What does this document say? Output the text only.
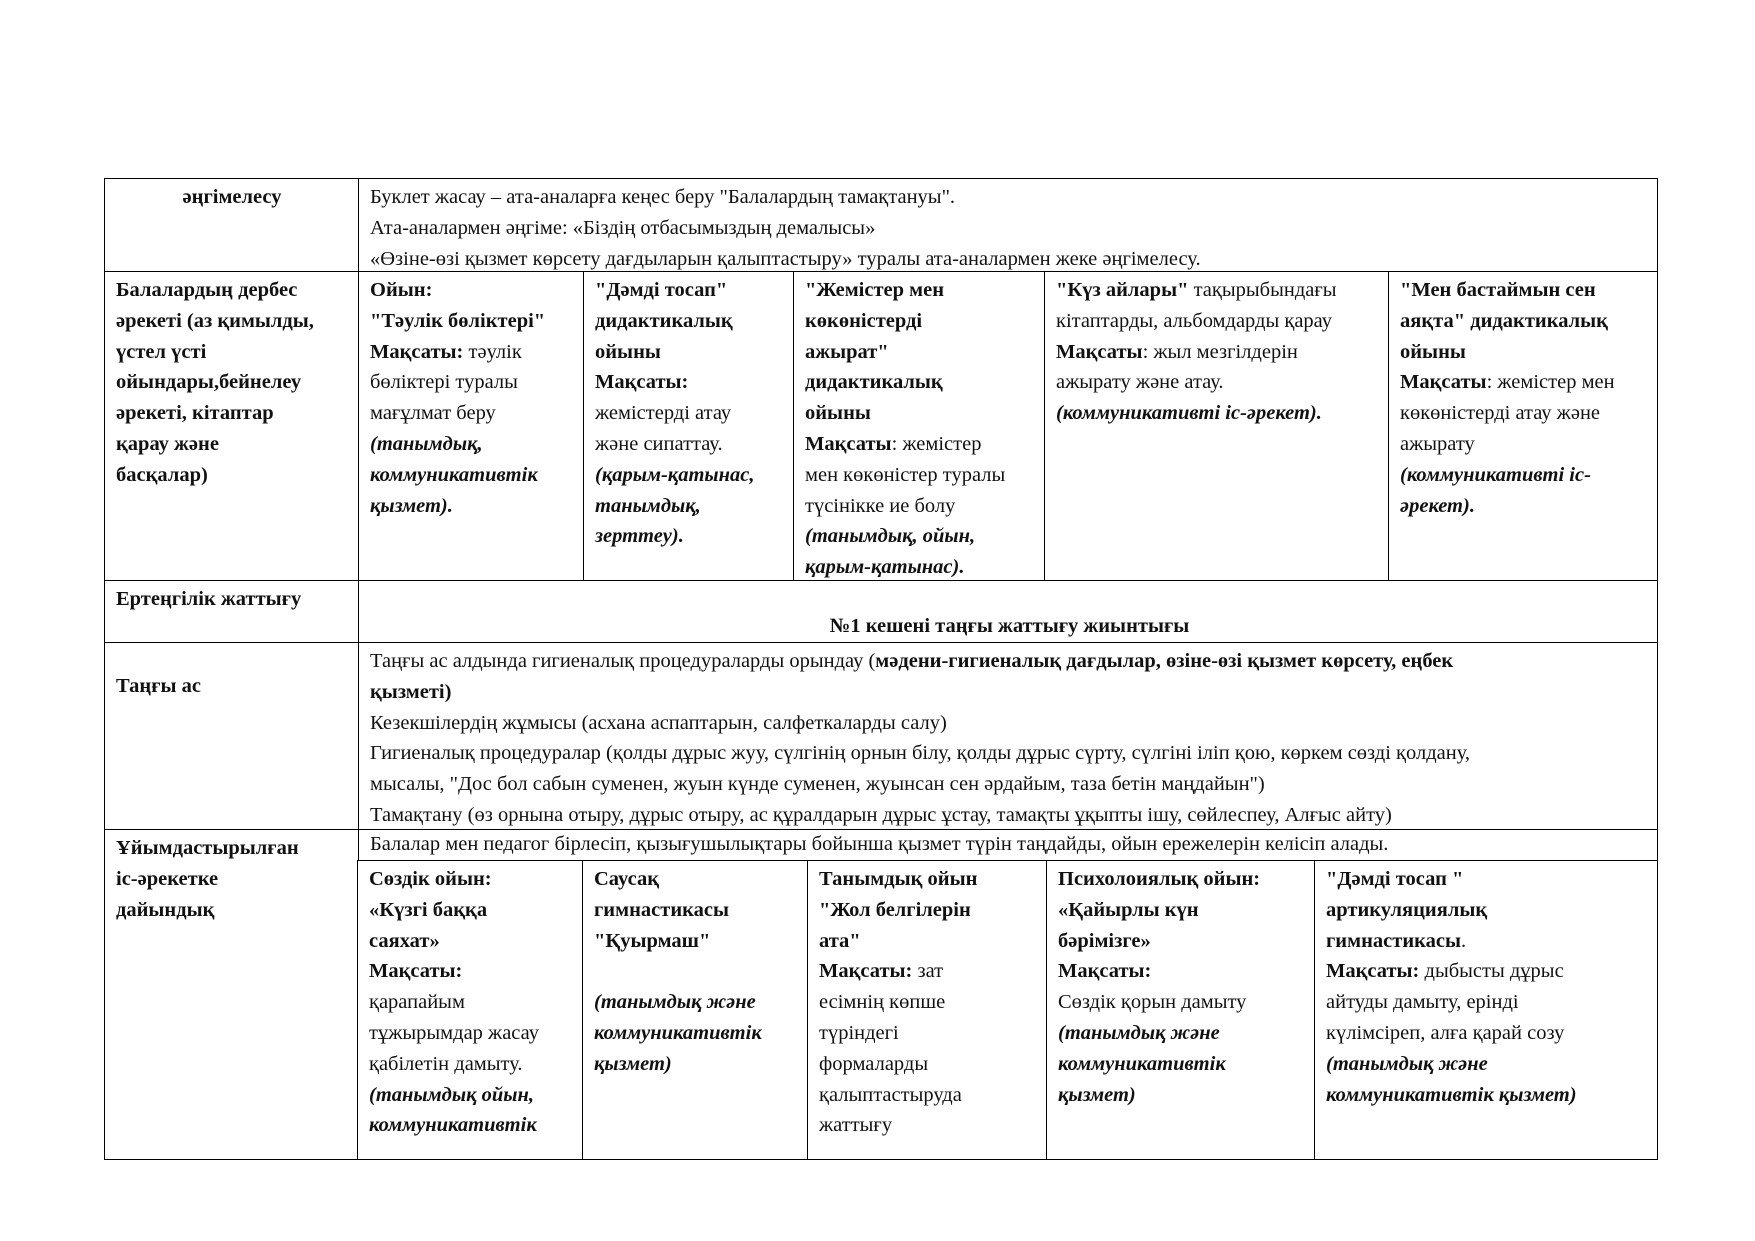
әңгімелесу	Буклет жасау – ата-аналарға кеңес беру "Балалардың тамақтануы".
Ата-аналармен әңгіме: «Біздің отбасымыздың демалысы»
«Өзіне-өзі қызмет көрсету дағдыларын қалыптастыру» туралы ата-аналармен жеке әңгімелесу.
Балалардың дербес
әрекеті (аз қимылды,
үстел үсті
ойындары,бейнелеу
әрекеті, кітаптар
қарау және
басқалар)
Ойын:
"Тәулік бөліктері"
Мақсаты: тәулік
бөліктері туралы
мағұлмат беру
(танымдық,
коммуникативтік
қызмет).
"Дәмді тосап"
дидактикалық
ойыны
Мақсаты:
жемістерді атау
және сипаттау.
(қарым-қатынас,
танымдық,
зерттеу).
"Жемістер мен
көкөністерді
ажырат"
дидактикалық
ойыны
Мақсаты: жемістер
мен көкөністер туралы
түсінікке ие болу
(танымдық, ойын,
қарым-қатынас).
"Күз айлары" тақырыбындағы
кітаптарды, альбомдарды қарау
Мақсаты: жыл мезгілдерін
ажырату және атау.
(коммуникативті іс-әрекет).
"Мен бастаймын сен
аяқта" дидактикалық
ойыны
Мақсаты: жемістер мен
көкөністерді атау және
ажырату
(коммуникативті іс-
әрекет).
Ертеңгілік жаттығу
№1 кешені таңғы жаттығу жиынтығы
Таңғы ас
Таңғы ас алдында гигиеналық процедураларды орындау (мәдени-гигиеналық дағдылар, өзіне-өзі қызмет көрсету, еңбек
қызметі)
Кезекшілердің жұмысы (асхана аспаптарын, салфеткаларды салу)
Гигиеналық процедуралар (қолды дұрыс жуу, сүлгінің орнын білу, қолды дұрыс сүрту, сүлгіні іліп қою, көркем сөзді қолдану,
мысалы, "Дос бол сабын суменен, жуын күнде суменен, жуынсан сен әрдайым, таза бетін маңдайын")
Тамақтану (өз орнына отыру, дұрыс отыру, ас құралдарын дұрыс ұстау, тамақты ұқыпты ішу, сөйлеспеу, Алғыс айту)
Ұйымдастырылған
іс-әрекетке
дайындық
Балалар мен педагог бірлесіп, қызығушылықтары бойынша қызмет түрін таңдайды, ойын ережелерін келісіп алады.
Сөздік ойын:
«Күзгі баққа
саяхат»
Мақсаты:
қарапайым
тұжырымдар жасау
қабілетін дамыту.
(танымдық ойын,
коммуникативтік
Саусақ
гимнастикасы
"Қуырмаш"

(танымдық және
коммуникативтік
қызмет)
Танымдық ойын
"Жол белгілерін
ата"
Мақсаты: зат
есімнің көпше
түріндегі
формаларды
қалыптастыруда
жаттығу
Психолоиялық ойын:
«Қайырлы күн
бәрімізге»
Мақсаты:
Сөздік қорын дамыту
(танымдық және
коммуникативтік
қызмет)
"Дәмді тосап "
артикуляциялық
гимнастикасы.
Мақсаты: дыбысты дұрыс
айтуды дамыту, еріндi
күлімсіреп, алға қарай созу
(танымдық және
коммуникативтік қызмет)
